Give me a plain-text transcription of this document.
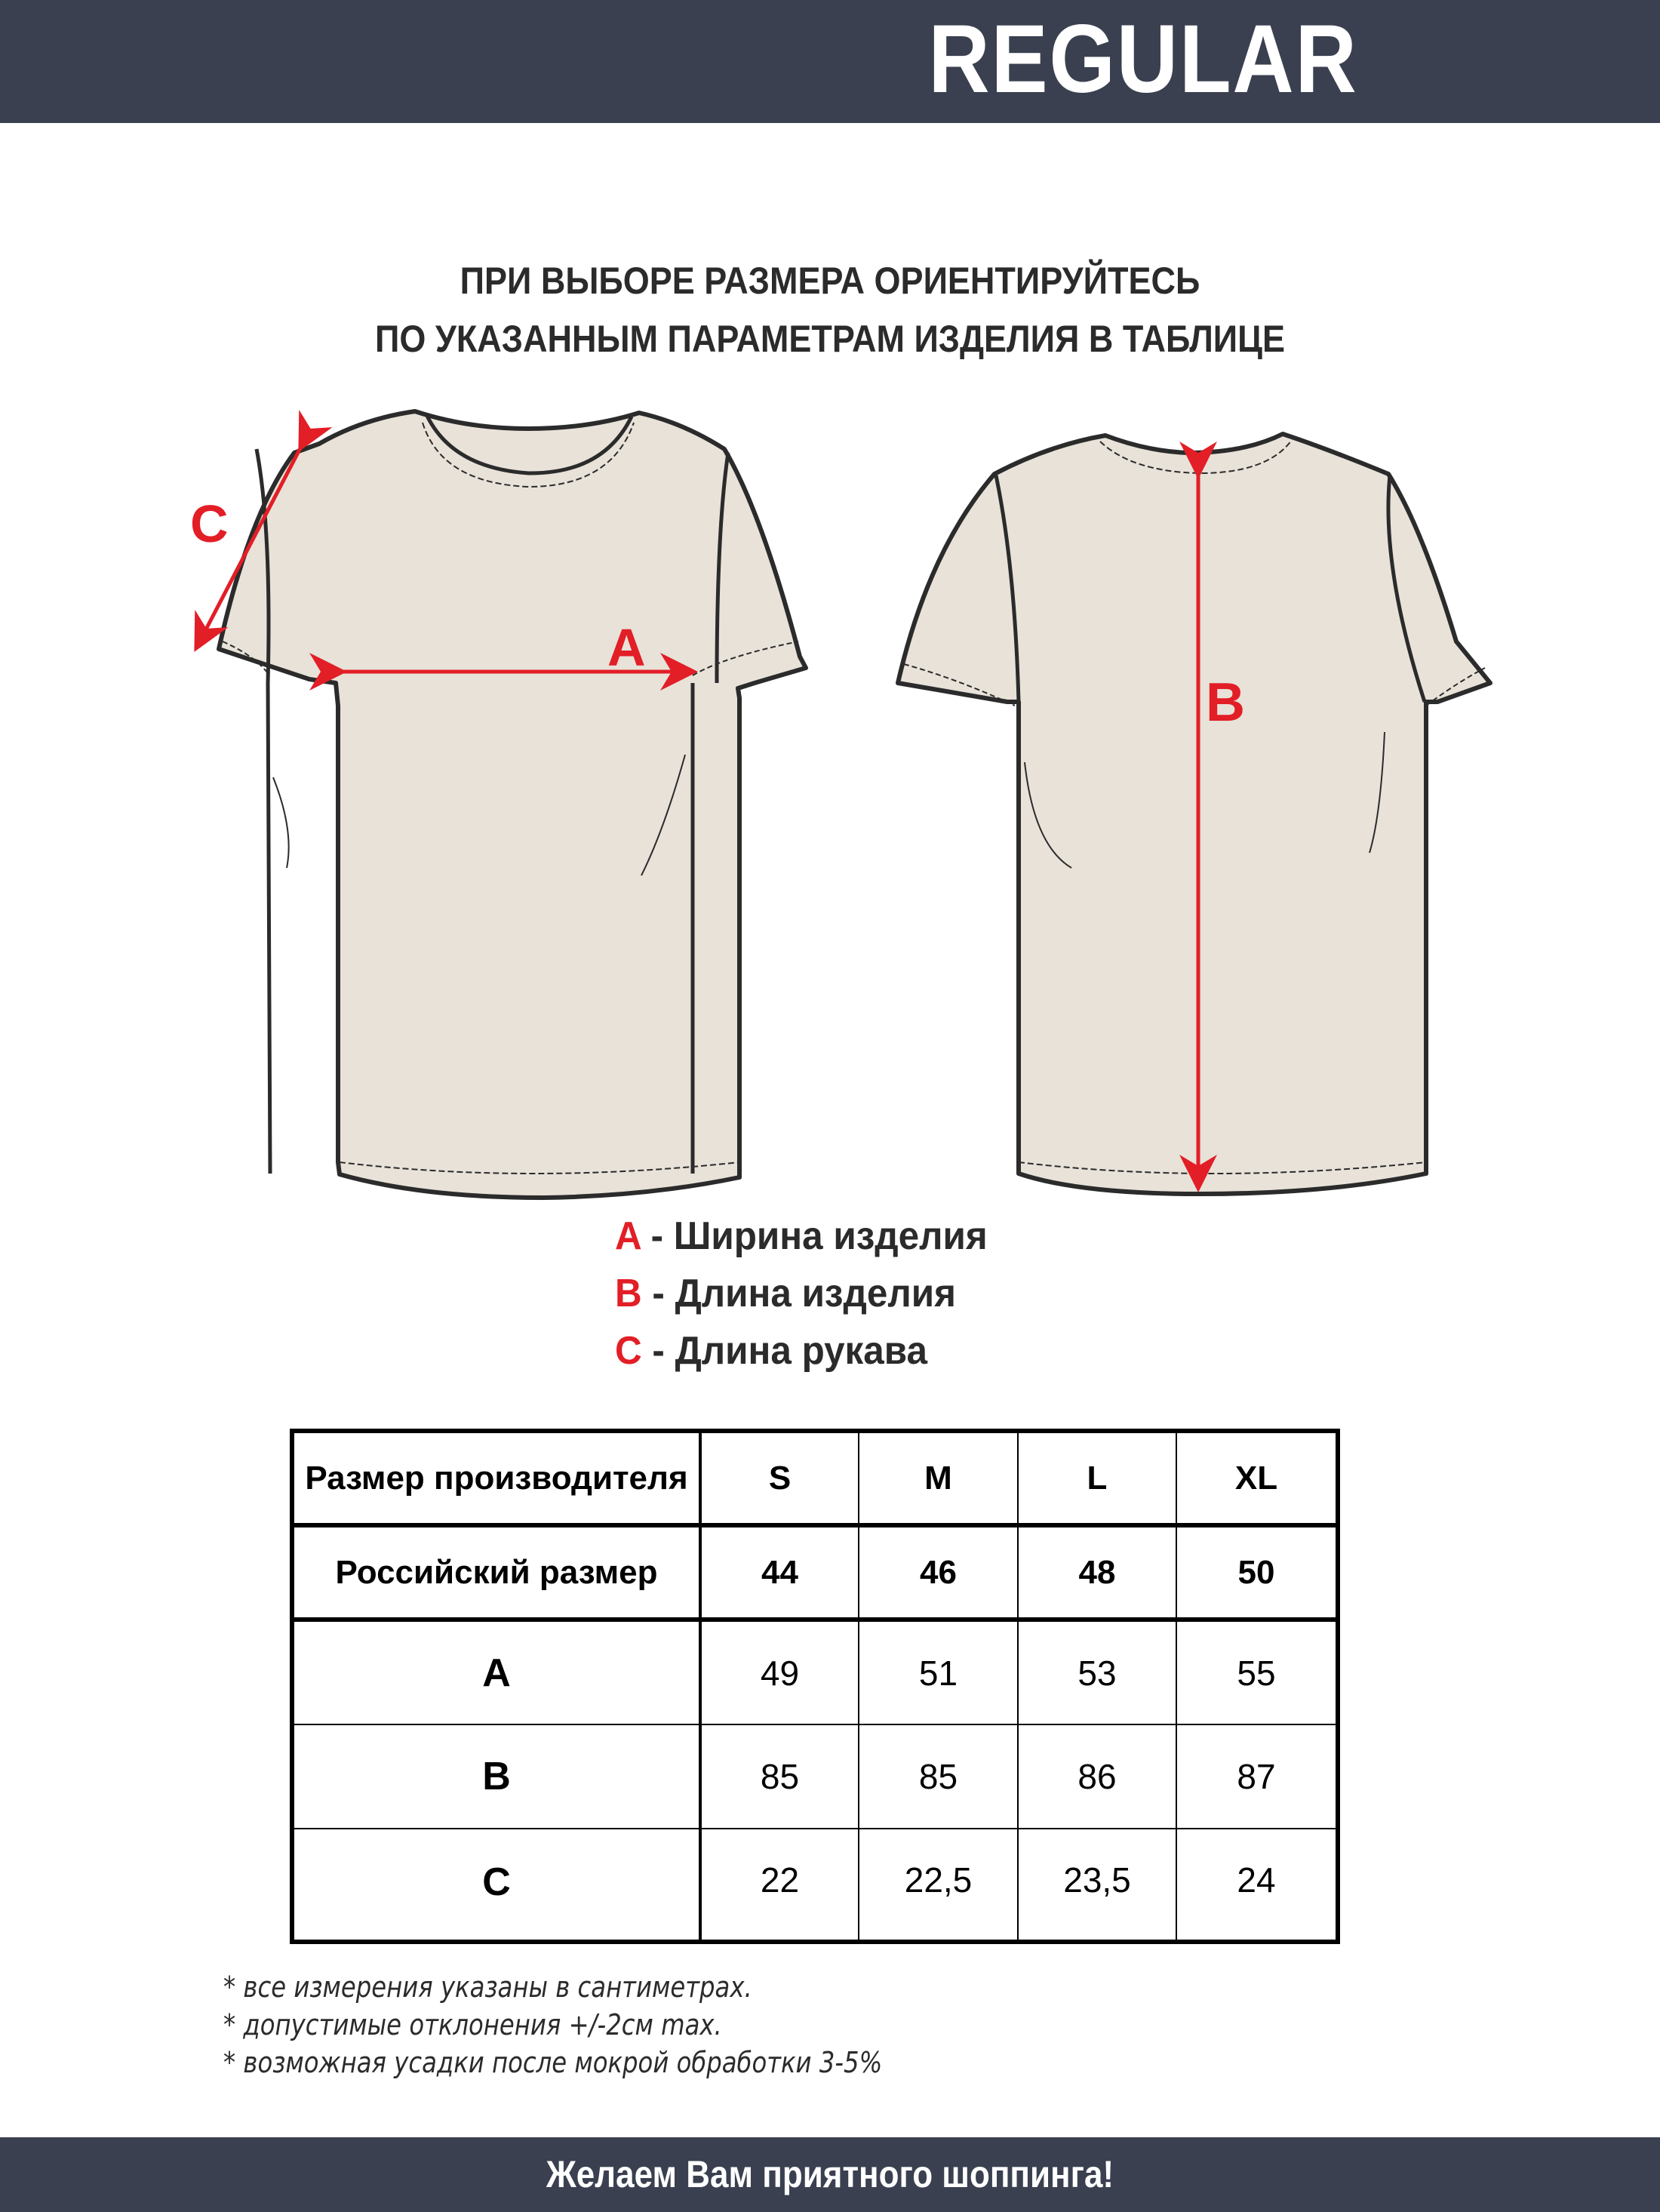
REGULAR FIT
ПРИ ВЫБОРЕ РАЗМЕРА ОРИЕНТИРУЙТЕСЬ
ПО УКАЗАННЫМ ПАРАМЕТРАМ ИЗДЕЛИЯ В ТАБЛИЦЕ
A
C
B
A - Ширина изделия
B - Длина изделия
C - Длина рукава
Размер производителя	S	M	L	XL
Российский размер	44	46	48	50
A	49	51	53	55
B	85	85	86	87
C	22	22,5	23,5	24
* все измерения указаны в сантиметрах.
* допустимые отклонения +/-2см max.
* возможная усадки после мокрой обработки 3-5%
Желаем Вам приятного шоппинга!
